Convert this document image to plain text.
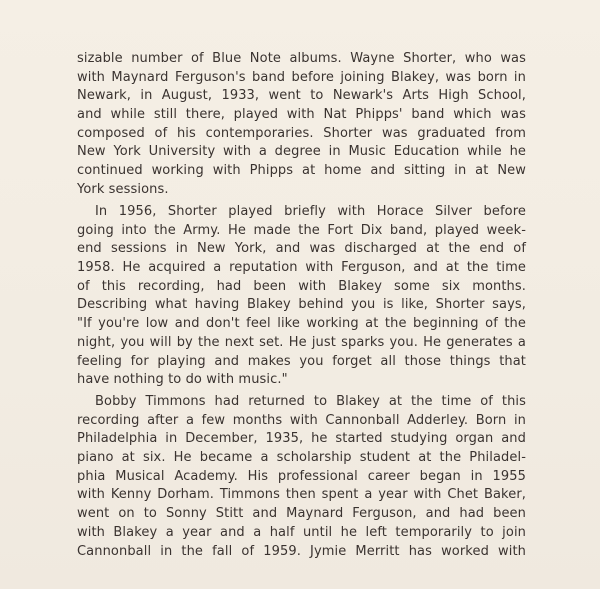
sizable number of Blue Note albums. Wayne Shorter, who was
with Maynard Ferguson's band before joining Blakey, was born in
Newark, in August, 1933, went to Newark's Arts High School,
and while still there, played with Nat Phipps' band which was
composed of his contemporaries. Shorter was graduated from
New York University with a degree in Music Education while he
continued working with Phipps at home and sitting in at New
York sessions.
In 1956, Shorter played briefly with Horace Silver before
going into the Army. He made the Fort Dix band, played week-
end sessions in New York, and was discharged at the end of
1958. He acquired a reputation with Ferguson, and at the time
of this recording, had been with Blakey some six months.
Describing what having Blakey behind you is like, Shorter says,
"If you're low and don't feel like working at the beginning of the
night, you will by the next set. He just sparks you. He generates a
feeling for playing and makes you forget all those things that
have nothing to do with music."
Bobby Timmons had returned to Blakey at the time of this
recording after a few months with Cannonball Adderley. Born in
Philadelphia in December, 1935, he started studying organ and
piano at six. He became a scholarship student at the Philadel-
phia Musical Academy. His professional career began in 1955
with Kenny Dorham. Timmons then spent a year with Chet Baker,
went on to Sonny Stitt and Maynard Ferguson, and had been
with Blakey a year and a half until he left temporarily to join
Cannonball in the fall of 1959. Jymie Merritt has worked with
